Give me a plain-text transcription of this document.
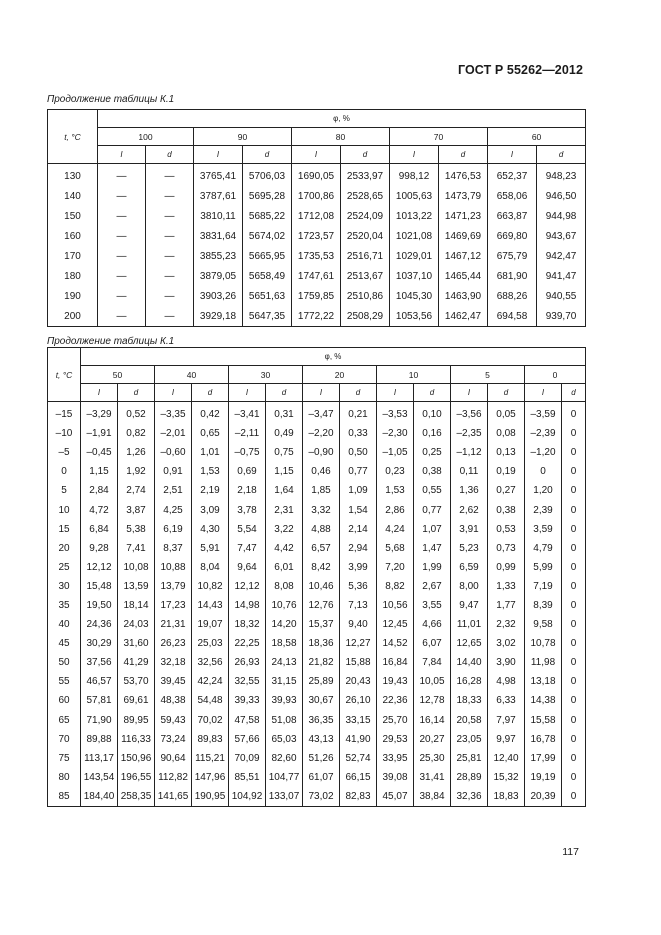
ГОСТ Р 55262—2012
Продолжение таблицы К.1
t, °C	φ, %									
	100		90		80		70		60	
	I	d	I	d	I	d	I	d	I	d
130	—	—	3765,41	5706,03	1690,05	2533,97	998,12	1476,53	652,37	948,23
140	—	—	3787,61	5695,28	1700,86	2528,65	1005,63	1473,79	658,06	946,50
150	—	—	3810,11	5685,22	1712,08	2524,09	1013,22	1471,23	663,87	944,98
160	—	—	3831,64	5674,02	1723,57	2520,04	1021,08	1469,69	669,80	943,67
170	—	—	3855,23	5665,95	1735,53	2516,71	1029,01	1467,12	675,79	942,47
180	—	—	3879,05	5658,49	1747,61	2513,67	1037,10	1465,44	681,90	941,47
190	—	—	3903,26	5651,63	1759,85	2510,86	1045,30	1463,90	688,26	940,55
200	—	—	3929,18	5647,35	1772,22	2508,29	1053,56	1462,47	694,58	939,70
Продолжение таблицы К.1
t, °C	φ, %													
	50		40		30		20		10		5		0	
	I	d	I	d	I	d	I	d	I	d	I	d	I	d
–15	–3,29	0,52	–3,35	0,42	–3,41	0,31	–3,47	0,21	–3,53	0,10	–3,56	0,05	–3,59	0
–10	–1,91	0,82	–2,01	0,65	–2,11	0,49	–2,20	0,33	–2,30	0,16	–2,35	0,08	–2,39	0
–5	–0,45	1,26	–0,60	1,01	–0,75	0,75	–0,90	0,50	–1,05	0,25	–1,12	0,13	–1,20	0
0	1,15	1,92	0,91	1,53	0,69	1,15	0,46	0,77	0,23	0,38	0,11	0,19	0	0
5	2,84	2,74	2,51	2,19	2,18	1,64	1,85	1,09	1,53	0,55	1,36	0,27	1,20	0
10	4,72	3,87	4,25	3,09	3,78	2,31	3,32	1,54	2,86	0,77	2,62	0,38	2,39	0
15	6,84	5,38	6,19	4,30	5,54	3,22	4,88	2,14	4,24	1,07	3,91	0,53	3,59	0
20	9,28	7,41	8,37	5,91	7,47	4,42	6,57	2,94	5,68	1,47	5,23	0,73	4,79	0
25	12,12	10,08	10,88	8,04	9,64	6,01	8,42	3,99	7,20	1,99	6,59	0,99	5,99	0
30	15,48	13,59	13,79	10,82	12,12	8,08	10,46	5,36	8,82	2,67	8,00	1,33	7,19	0
35	19,50	18,14	17,23	14,43	14,98	10,76	12,76	7,13	10,56	3,55	9,47	1,77	8,39	0
40	24,36	24,03	21,31	19,07	18,32	14,20	15,37	9,40	12,45	4,66	11,01	2,32	9,58	0
45	30,29	31,60	26,23	25,03	22,25	18,58	18,36	12,27	14,52	6,07	12,65	3,02	10,78	0
50	37,56	41,29	32,18	32,56	26,93	24,13	21,82	15,88	16,84	7,84	14,40	3,90	11,98	0
55	46,57	53,70	39,45	42,24	32,55	31,15	25,89	20,43	19,43	10,05	16,28	4,98	13,18	0
60	57,81	69,61	48,38	54,48	39,33	39,93	30,67	26,10	22,36	12,78	18,33	6,33	14,38	0
65	71,90	89,95	59,43	70,02	47,58	51,08	36,35	33,15	25,70	16,14	20,58	7,97	15,58	0
70	89,88	116,33	73,24	89,83	57,66	65,03	43,13	41,90	29,53	20,27	23,05	9,97	16,78	0
75	113,17	150,96	90,64	115,21	70,09	82,60	51,26	52,74	33,95	25,30	25,81	12,40	17,99	0
80	143,54	196,55	112,82	147,96	85,51	104,77	61,07	66,15	39,08	31,41	28,89	15,32	19,19	0
85	184,40	258,35	141,65	190,95	104,92	133,07	73,02	82,83	45,07	38,84	32,36	18,83	20,39	0
117
